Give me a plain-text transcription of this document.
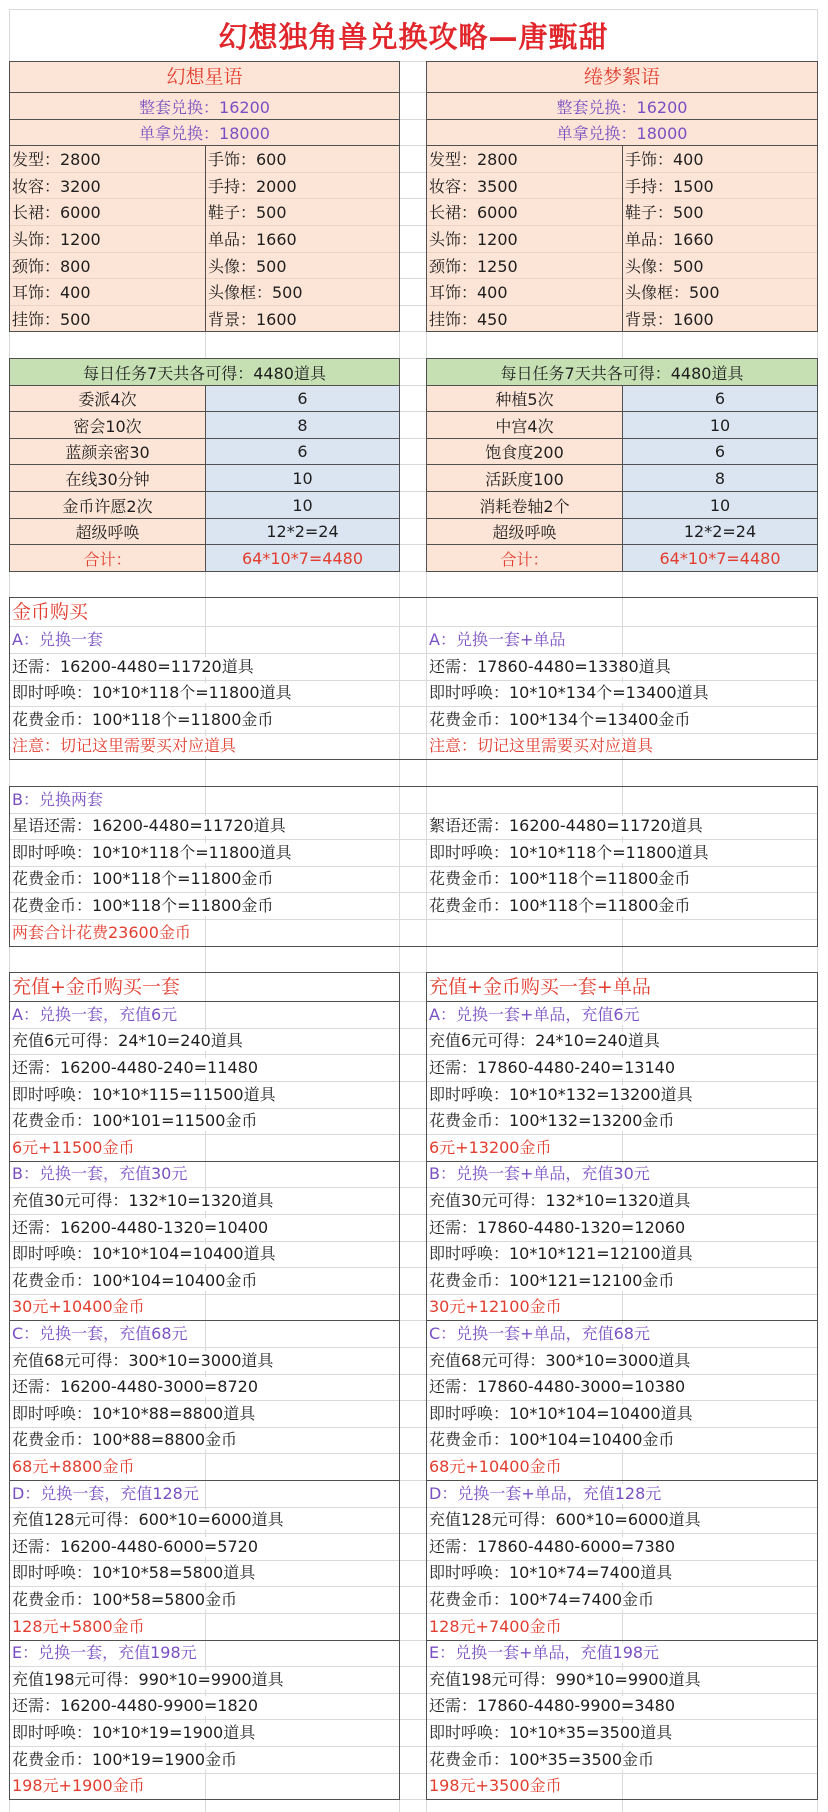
幻想独角兽兑换攻略—唐甄甜
幻想星语
整套兑换：16200
单拿兑换：18000
发型：2800	手饰：600
妆容：3200	手持：2000
长裙：6000	鞋子：500
头饰：1200	单品：1660
颈饰：800	头像：500
耳饰：400	头像框：500
挂饰：500	背景：1600
绻梦絮语
整套兑换：16200
单拿兑换：18000
发型：2800	手饰：400
妆容：3500	手持：1500
长裙：6000	鞋子：500
头饰：1200	单品：1660
颈饰：1250	头像：500
耳饰：400	头像框：500
挂饰：450	背景：1600
每日任务7天共各可得：4480道具
委派4次	6
密会10次	8
蓝颜亲密30	6
在线30分钟	10
金币许愿2次	10
超级呼唤	12*2=24
合计：	64*10*7=4480
每日任务7天共各可得：4480道具
种植5次	6
中宫4次	10
饱食度200	6
活跃度100	8
消耗卷轴2个	10
超级呼唤	12*2=24
合计：	64*10*7=4480
金币购买
A：兑换一套
还需：16200-4480=11720道具
即时呼唤：10*10*118个=11800道具
花费金币：100*118个=11800金币
注意：切记这里需要买对应道具
A：兑换一套+单品
还需：17860-4480=13380道具
即时呼唤：10*10*134个=13400道具
花费金币：100*134个=13400金币
注意：切记这里需要买对应道具
B：兑换两套
星语还需：16200-4480=11720道具
即时呼唤：10*10*118个=11800道具
花费金币：100*118个=11800金币
花费金币：100*118个=11800金币
絮语还需：16200-4480=11720道具
即时呼唤：10*10*118个=11800道具
花费金币：100*118个=11800金币
花费金币：100*118个=11800金币
两套合计花费23600金币
充值+金币购买一套
A：兑换一套，充值6元
充值6元可得：24*10=240道具
还需：16200-4480-240=11480
即时呼唤：10*10*115=11500道具
花费金币：100*101=11500金币
6元+11500金币
B：兑换一套，充值30元
充值30元可得：132*10=1320道具
还需：16200-4480-1320=10400
即时呼唤：10*10*104=10400道具
花费金币：100*104=10400金币
30元+10400金币
C：兑换一套，充值68元
充值68元可得：300*10=3000道具
还需：16200-4480-3000=8720
即时呼唤：10*10*88=8800道具
花费金币：100*88=8800金币
68元+8800金币
D：兑换一套，充值128元
充值128元可得：600*10=6000道具
还需：16200-4480-6000=5720
即时呼唤：10*10*58=5800道具
花费金币：100*58=5800金币
128元+5800金币
E：兑换一套，充值198元
充值198元可得：990*10=9900道具
还需：16200-4480-9900=1820
即时呼唤：10*10*19=1900道具
花费金币：100*19=1900金币
198元+1900金币
充值+金币购买一套+单品
A：兑换一套+单品，充值6元
充值6元可得：24*10=240道具
还需：17860-4480-240=13140
即时呼唤：10*10*132=13200道具
花费金币：100*132=13200金币
6元+13200金币
B：兑换一套+单品，充值30元
充值30元可得：132*10=1320道具
还需：17860-4480-1320=12060
即时呼唤：10*10*121=12100道具
花费金币：100*121=12100金币
30元+12100金币
C：兑换一套+单品，充值68元
充值68元可得：300*10=3000道具
还需：17860-4480-3000=10380
即时呼唤：10*10*104=10400道具
花费金币：100*104=10400金币
68元+10400金币
D：兑换一套+单品，充值128元
充值128元可得：600*10=6000道具
还需：17860-4480-6000=7380
即时呼唤：10*10*74=7400道具
花费金币：100*74=7400金币
128元+7400金币
E：兑换一套+单品，充值198元
充值198元可得：990*10=9900道具
还需：17860-4480-9900=3480
即时呼唤：10*10*35=3500道具
花费金币：100*35=3500金币
198元+3500金币
